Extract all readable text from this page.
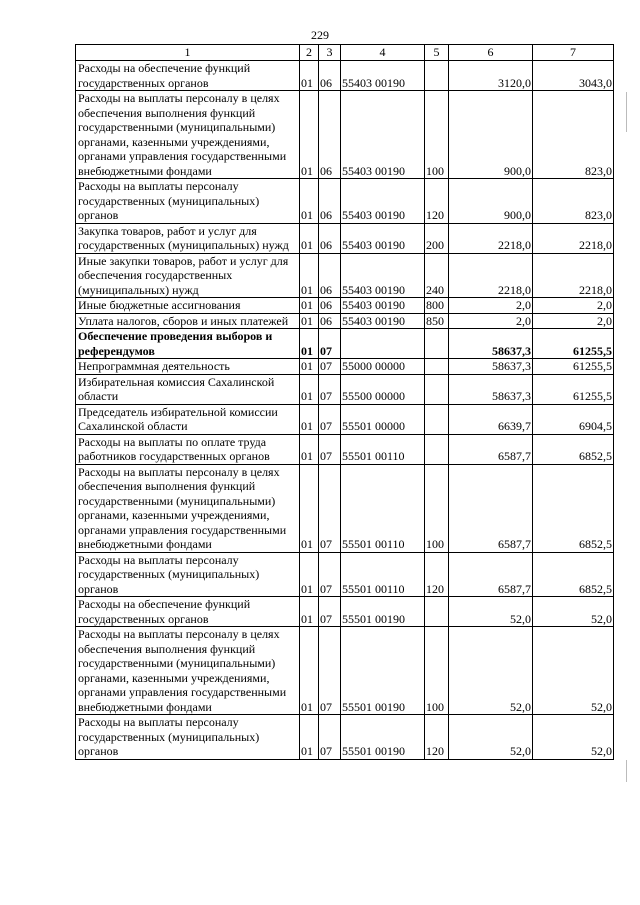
229
1	2	3	4	5	6	7
Расходы на обеспечение функций государственных органов	01	06	55403 00190		3120,0	3043,0
Расходы на выплаты персоналу в целях обеспечения выполнения функций государственными (муниципальными) органами, казенными учреждениями, органами управления государственными внебюджетными фондами	01	06	55403 00190	100	900,0	823,0
Расходы на выплаты персоналу государственных (муниципальных) органов	01	06	55403 00190	120	900,0	823,0
Закупка товаров, работ и услуг для государственных (муниципальных) нужд	01	06	55403 00190	200	2218,0	2218,0
Иные закупки товаров, работ и услуг для обеспечения государственных (муниципальных) нужд	01	06	55403 00190	240	2218,0	2218,0
Иные бюджетные ассигнования	01	06	55403 00190	800	2,0	2,0
Уплата налогов, сборов и иных платежей	01	06	55403 00190	850	2,0	2,0
Обеспечение проведения выборов и референдумов	01	07			58637,3	61255,5
Непрограммная деятельность	01	07	55000 00000		58637,3	61255,5
Избирательная комиссия Сахалинской области	01	07	55500 00000		58637,3	61255,5
Председатель избирательной комиссии Сахалинской области	01	07	55501 00000		6639,7	6904,5
Расходы на выплаты по оплате труда работников государственных органов	01	07	55501 00110		6587,7	6852,5
Расходы на выплаты персоналу в целях обеспечения выполнения функций государственными (муниципальными) органами, казенными учреждениями, органами управления государственными внебюджетными фондами	01	07	55501 00110	100	6587,7	6852,5
Расходы на выплаты персоналу государственных (муниципальных) органов	01	07	55501 00110	120	6587,7	6852,5
Расходы на обеспечение функций государственных органов	01	07	55501 00190		52,0	52,0
Расходы на выплаты персоналу в целях обеспечения выполнения функций государственными (муниципальными) органами, казенными учреждениями, органами управления государственными внебюджетными фондами	01	07	55501 00190	100	52,0	52,0
Расходы на выплаты персоналу государственных (муниципальных) органов	01	07	55501 00190	120	52,0	52,0
